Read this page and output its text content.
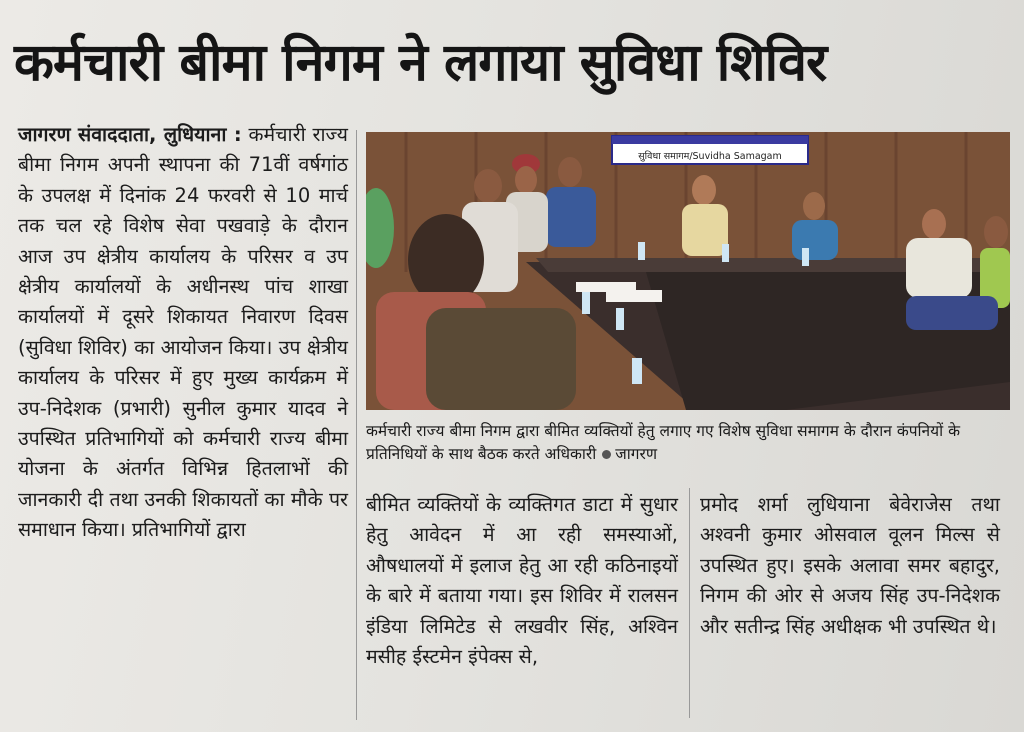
कर्मचारी बीमा निगम ने लगाया सुविधा शिविर

जागरण संवाददाता, लुधियाना : कर्मचारी राज्य बीमा निगम अपनी स्थापना की 71वीं वर्षगांठ के उपलक्ष में दिनांक 24 फरवरी से 10 मार्च तक चल रहे विशेष सेवा पखवाड़े के दौरान आज उप क्षेत्रीय कार्यालय के परिसर व उप क्षेत्रीय कार्यालयों के अधीनस्थ पांच शाखा कार्यालयों में दूसरे शिकायत निवारण दिवस (सुविधा शिविर) का आयोजन किया। उप क्षेत्रीय कार्यालय के परिसर में हुए मुख्य कार्यक्रम में उप-निदेशक (प्रभारी) सुनील कुमार यादव ने उपस्थित प्रतिभागियों को कर्मचारी राज्य बीमा योजना के अंतर्गत विभिन्न हितलाभों की जानकारी दी तथा उनकी शिकायतों का मौके पर समाधान किया। प्रतिभागियों द्वारा

सुविधा समागम/Suvidha Samagam
कर्मचारी राज्य बीमा निगम द्वारा बीमित व्यक्तियों हेतु लगाए गए विशेष सुविधा समागम के दौरान कंपनियों के प्रतिनिधियों के साथ बैठक करते अधिकारी जागरण

बीमित व्यक्तियों के व्यक्तिगत डाटा में सुधार हेतु आवेदन में आ रही समस्याओं, औषधालयों में इलाज हेतु आ रही कठिनाइयों के बारे में बताया गया। इस शिविर में रालसन इंडिया लिमिटेड से लखवीर सिंह, अश्विन मसीह ईस्टमेन इंपेक्स से,

प्रमोद शर्मा लुधियाना बेवेराजेस तथा अश्वनी कुमार ओसवाल वूलन मिल्स से उपस्थित हुए। इसके अलावा समर बहादुर, निगम की ओर से अजय सिंह उप-निदेशक और सतीन्द्र सिंह अधीक्षक भी उपस्थित थे।
